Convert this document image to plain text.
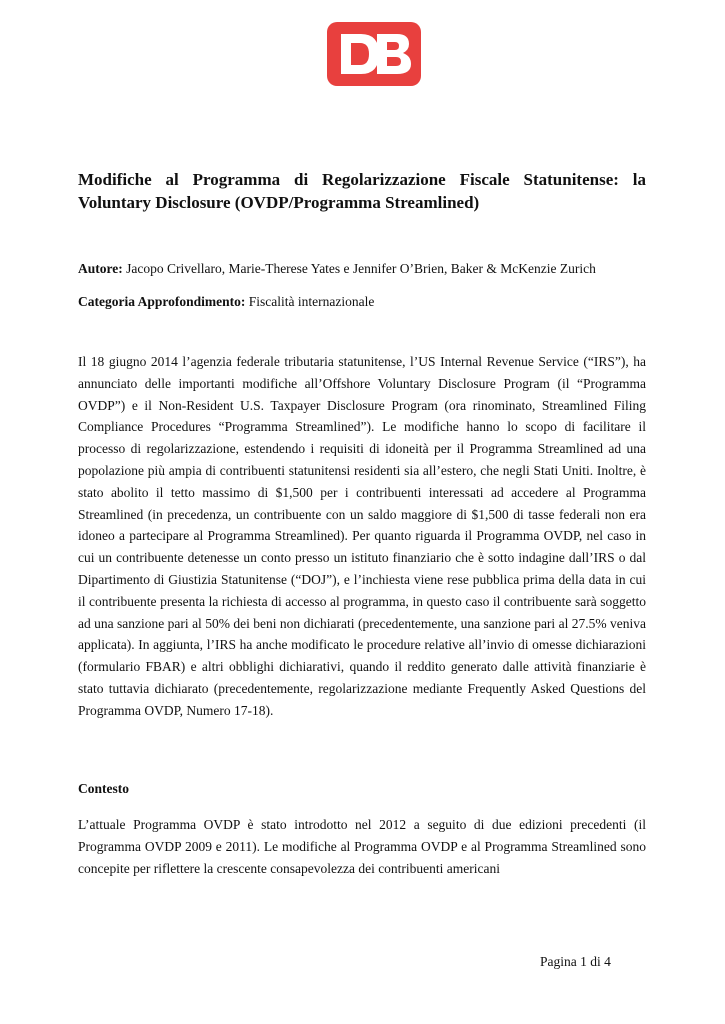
Modifiche al Programma di Regolarizzazione Fiscale Statunitense: la Voluntary Disclosure (OVDP/Programma Streamlined)
Autore: Jacopo Crivellaro, Marie-Therese Yates e Jennifer O’Brien, Baker & McKenzie Zurich
Categoria Approfondimento: Fiscalità internazionale

Il 18 giugno 2014 l’agenzia federale tributaria statunitense, l’US Internal Revenue Service (“IRS”), ha annunciato delle importanti modifiche all’Offshore Voluntary Disclosure Program (il “Programma OVDP”) e il Non-Resident U.S. Taxpayer Disclosure Program (ora rinominato, Streamlined Filing Compliance Procedures “Programma Streamlined”). Le modifiche hanno lo scopo di facilitare il processo di regolarizzazione, estendendo i requisiti di idoneità per il Programma Streamlined ad una popolazione più ampia di contribuenti statunitensi residenti sia all’estero, che negli Stati Uniti. Inoltre, è stato abolito il tetto massimo di $1,500 per i contribuenti interessati ad accedere al Programma Streamlined (in precedenza, un contribuente con un saldo maggiore di $1,500 di tasse federali non era idoneo a partecipare al Programma Streamlined). Per quanto riguarda il Programma OVDP, nel caso in cui un contribuente detenesse un conto presso un istituto finanziario che è sotto indagine dall’IRS o dal Dipartimento di Giustizia Statunitense (“DOJ”), e l’inchiesta viene rese pubblica prima della data in cui il contribuente presenta la richiesta di accesso al programma, in questo caso il contribuente sarà soggetto ad una sanzione pari al 50% dei beni non dichiarati (precedentemente, una sanzione pari al 27.5% veniva applicata). In aggiunta, l’IRS ha anche modificato le procedure relative all’invio di omesse dichiarazioni (formulario FBAR) e altri obblighi dichiarativi, quando il reddito generato dalle attività finanziarie è stato tuttavia dichiarato (precedentemente, regolarizzazione mediante Frequently Asked Questions del Programma OVDP, Numero 17-18).

Contesto

L’attuale Programma OVDP è stato introdotto nel 2012 a seguito di due edizioni precedenti (il Programma OVDP 2009 e 2011). Le modifiche al Programma OVDP e al Programma Streamlined sono concepite per riflettere la crescente consapevolezza dei contribuenti americani

Pagina 1 di 4
